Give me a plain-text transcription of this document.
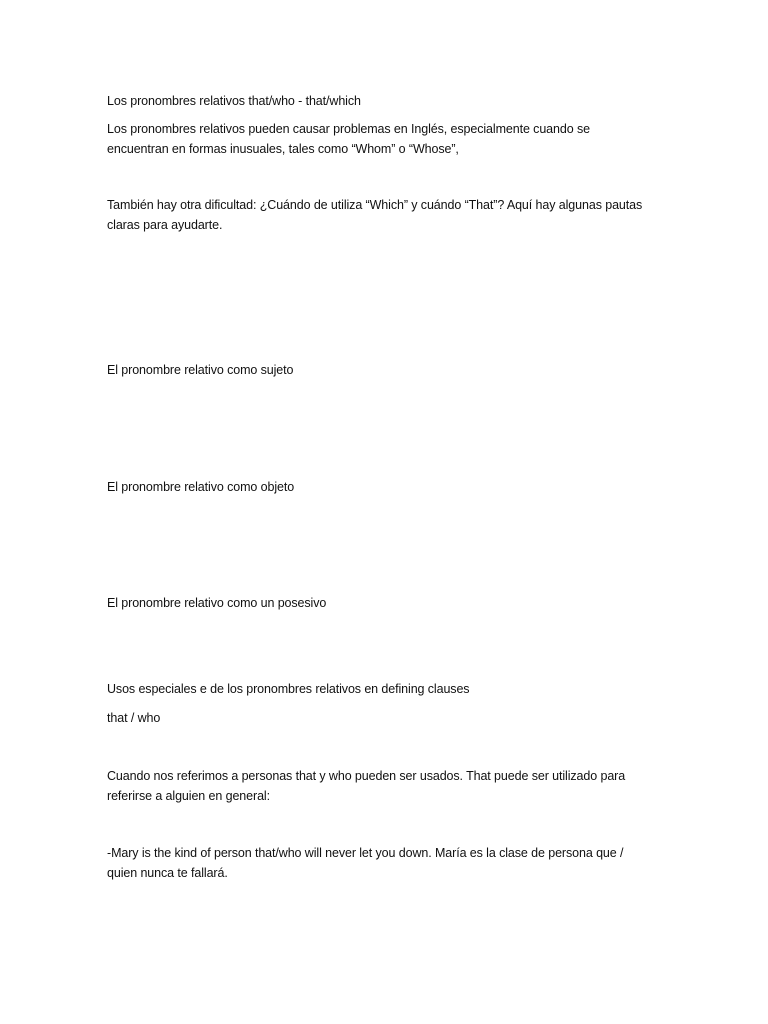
Los pronombres relativos that/who - that/which

Los pronombres relativos pueden causar problemas en Inglés, especialmente cuando se
encuentran en formas inusuales, tales como “Whom” o “Whose”,

También hay otra dificultad: ¿Cuándo de utiliza “Which” y cuándo “That”? Aquí hay algunas pautas
claras para ayudarte.

El pronombre relativo como sujeto

El pronombre relativo como objeto

El pronombre relativo como un posesivo

Usos especiales e de los pronombres relativos en defining clauses

that / who

Cuando nos referimos a personas that y who pueden ser usados. That puede ser utilizado para
referirse a alguien en general:

-Mary is the kind of person that/who will never let you down. María es la clase de persona que /
quien nunca te fallará.
